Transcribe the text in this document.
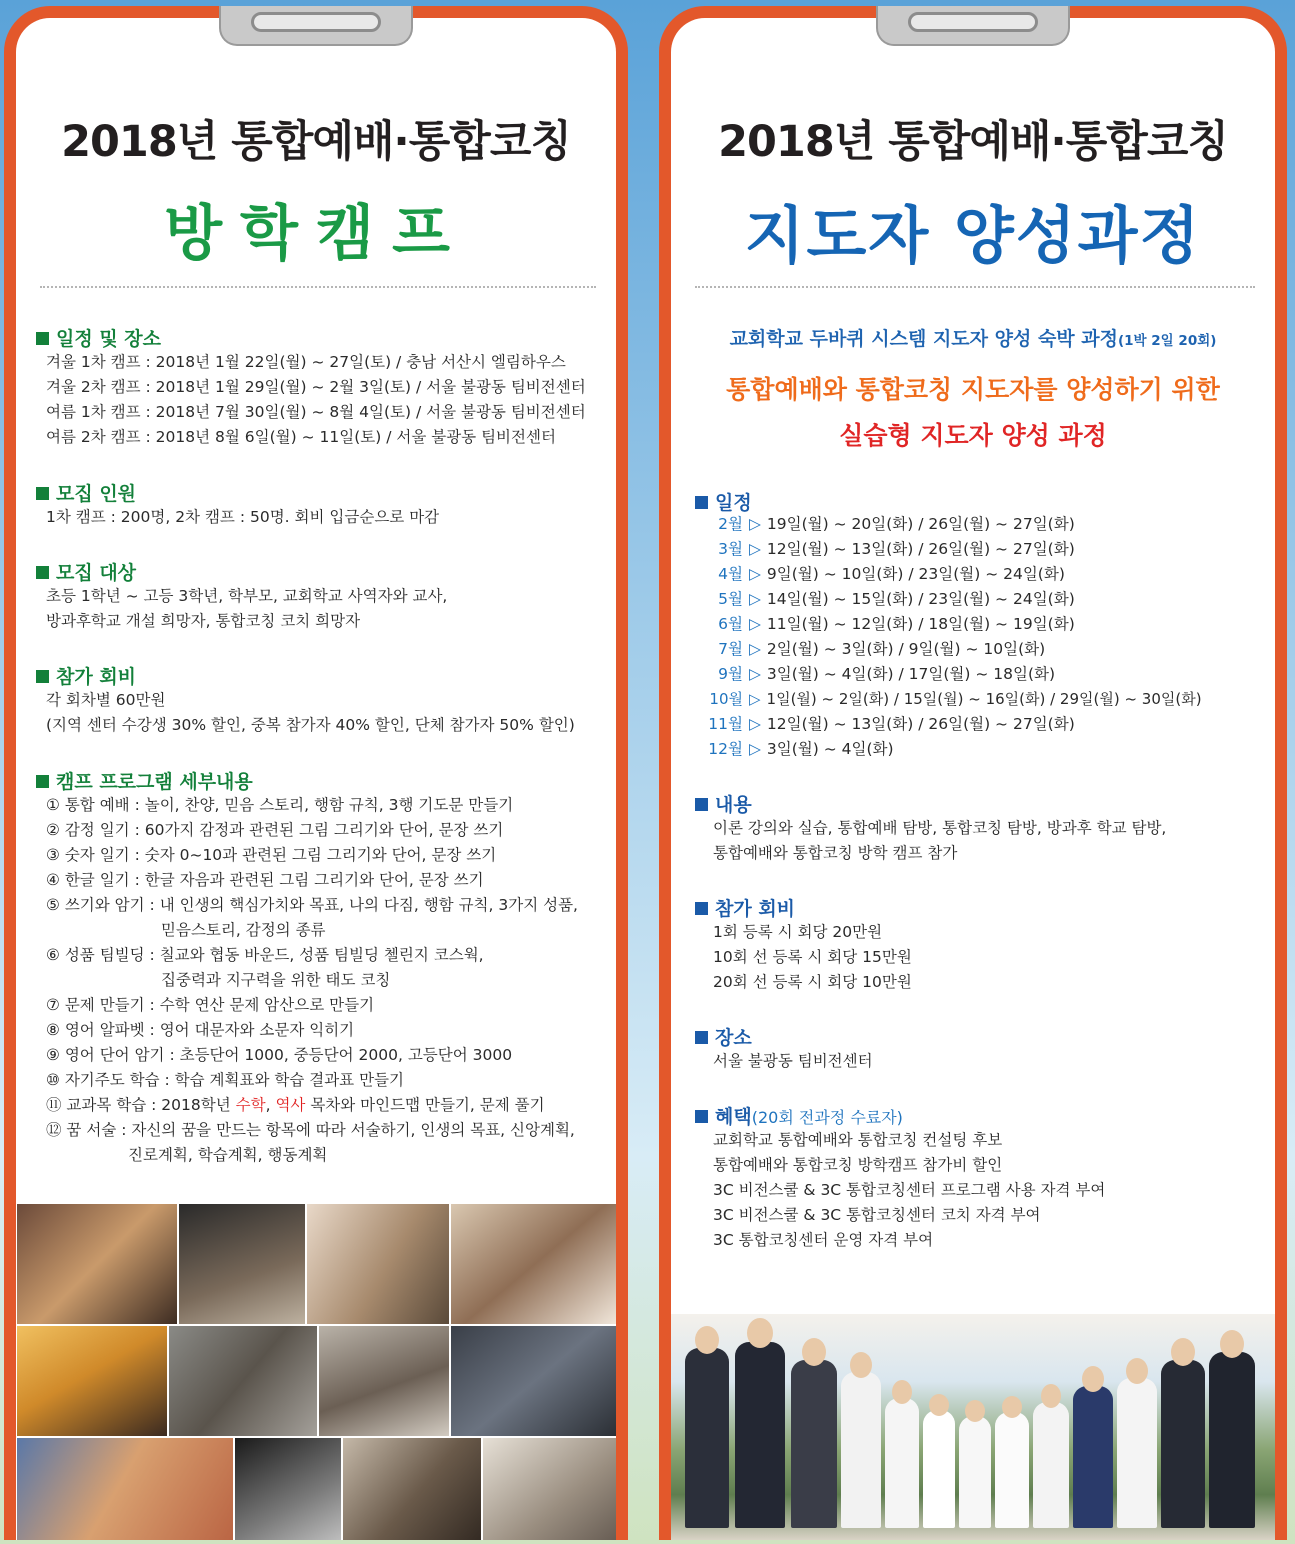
2018년 통합예배·통합코칭
방학캠프
일정 및 장소
겨울 1차 캠프 : 2018년 1월 22일(월) ~ 27일(토) / 충남 서산시 엘림하우스
겨울 2차 캠프 : 2018년 1월 29일(월) ~ 2월 3일(토) / 서울 불광동 팀비전센터
여름 1차 캠프 : 2018년 7월 30일(월) ~ 8월 4일(토) / 서울 불광동 팀비전센터
여름 2차 캠프 : 2018년 8월 6일(월) ~ 11일(토) / 서울 불광동 팀비전센터
모집 인원
1차 캠프 : 200명, 2차 캠프 : 50명. 회비 입금순으로 마감
모집 대상
초등 1학년 ~ 고등 3학년, 학부모, 교회학교 사역자와 교사,
방과후학교 개설 희망자, 통합코칭 코치 희망자
참가 회비
각 회차별 60만원
(지역 센터 수강생 30% 할인, 중복 참가자 40% 할인, 단체 참가자 50% 할인)
캠프 프로그램 세부내용
① 통합 예배 : 놀이, 찬양, 믿음 스토리, 행함 규칙, 3행 기도문 만들기
② 감정 일기 : 60가지 감정과 관련된 그림 그리기와 단어, 문장 쓰기
③ 숫자 일기 : 숫자 0~10과 관련된 그림 그리기와 단어, 문장 쓰기
④ 한글 일기 : 한글 자음과 관련된 그림 그리기와 단어, 문장 쓰기
⑤ 쓰기와 암기 : 내 인생의 핵심가치와 목표, 나의 다짐, 행함 규칙, 3가지 성품,
믿음스토리, 감정의 종류
⑥ 성품 팀빌딩 : 칠교와 협동 바운드, 성품 팀빌딩 첼린지 코스웍,
집중력과 지구력을 위한 태도 코칭
⑦ 문제 만들기 : 수학 연산 문제 암산으로 만들기
⑧ 영어 알파벳 : 영어 대문자와 소문자 익히기
⑨ 영어 단어 암기 : 초등단어 1000, 중등단어 2000, 고등단어 3000
⑩ 자기주도 학습 : 학습 계획표와 학습 결과표 만들기
⑪ 교과목 학습 : 2018학년 수학, 역사 목차와 마인드맵 만들기, 문제 풀기
⑫ 꿈 서술 : 자신의 꿈을 만드는 항목에 따라 서술하기, 인생의 목표, 신앙계획,
진로계획, 학습계획, 행동계획
2018년 통합예배·통합코칭
지도자 양성과정
교회학교 두바퀴 시스템 지도자 양성 숙박 과정(1박 2일 20회)
통합예배와 통합코칭 지도자를 양성하기 위한
실습형 지도자 양성 과정
일정
2월 ▷ 19일(월) ~ 20일(화) / 26일(월) ~ 27일(화)
3월 ▷ 12일(월) ~ 13일(화) / 26일(월) ~ 27일(화)
4월 ▷ 9일(월) ~ 10일(화) / 23일(월) ~ 24일(화)
5월 ▷ 14일(월) ~ 15일(화) / 23일(월) ~ 24일(화)
6월 ▷ 11일(월) ~ 12일(화) / 18일(월) ~ 19일(화)
7월 ▷ 2일(월) ~ 3일(화) / 9일(월) ~ 10일(화)
9월 ▷ 3일(월) ~ 4일(화) / 17일(월) ~ 18일(화)
10월 ▷ 1일(월) ~ 2일(화) / 15일(월) ~ 16일(화) / 29일(월) ~ 30일(화)
11월 ▷ 12일(월) ~ 13일(화) / 26일(월) ~ 27일(화)
12월 ▷ 3일(월) ~ 4일(화)
내용
이론 강의와 실습, 통합예배 탐방, 통합코칭 탐방, 방과후 학교 탐방,
통합예배와 통합코칭 방학 캠프 참가
참가 회비
1회 등록 시 회당 20만원
10회 선 등록 시 회당 15만원
20회 선 등록 시 회당 10만원
장소
서울 불광동 팀비전센터
혜택(20회 전과정 수료자)
교회학교 통합예배와 통합코칭 컨설팅 후보
통합예배와 통합코칭 방학캠프 참가비 할인
3C 비전스쿨 & 3C 통합코칭센터 프로그램 사용 자격 부여
3C 비전스쿨 & 3C 통합코칭센터 코치 자격 부여
3C 통합코칭센터 운영 자격 부여
